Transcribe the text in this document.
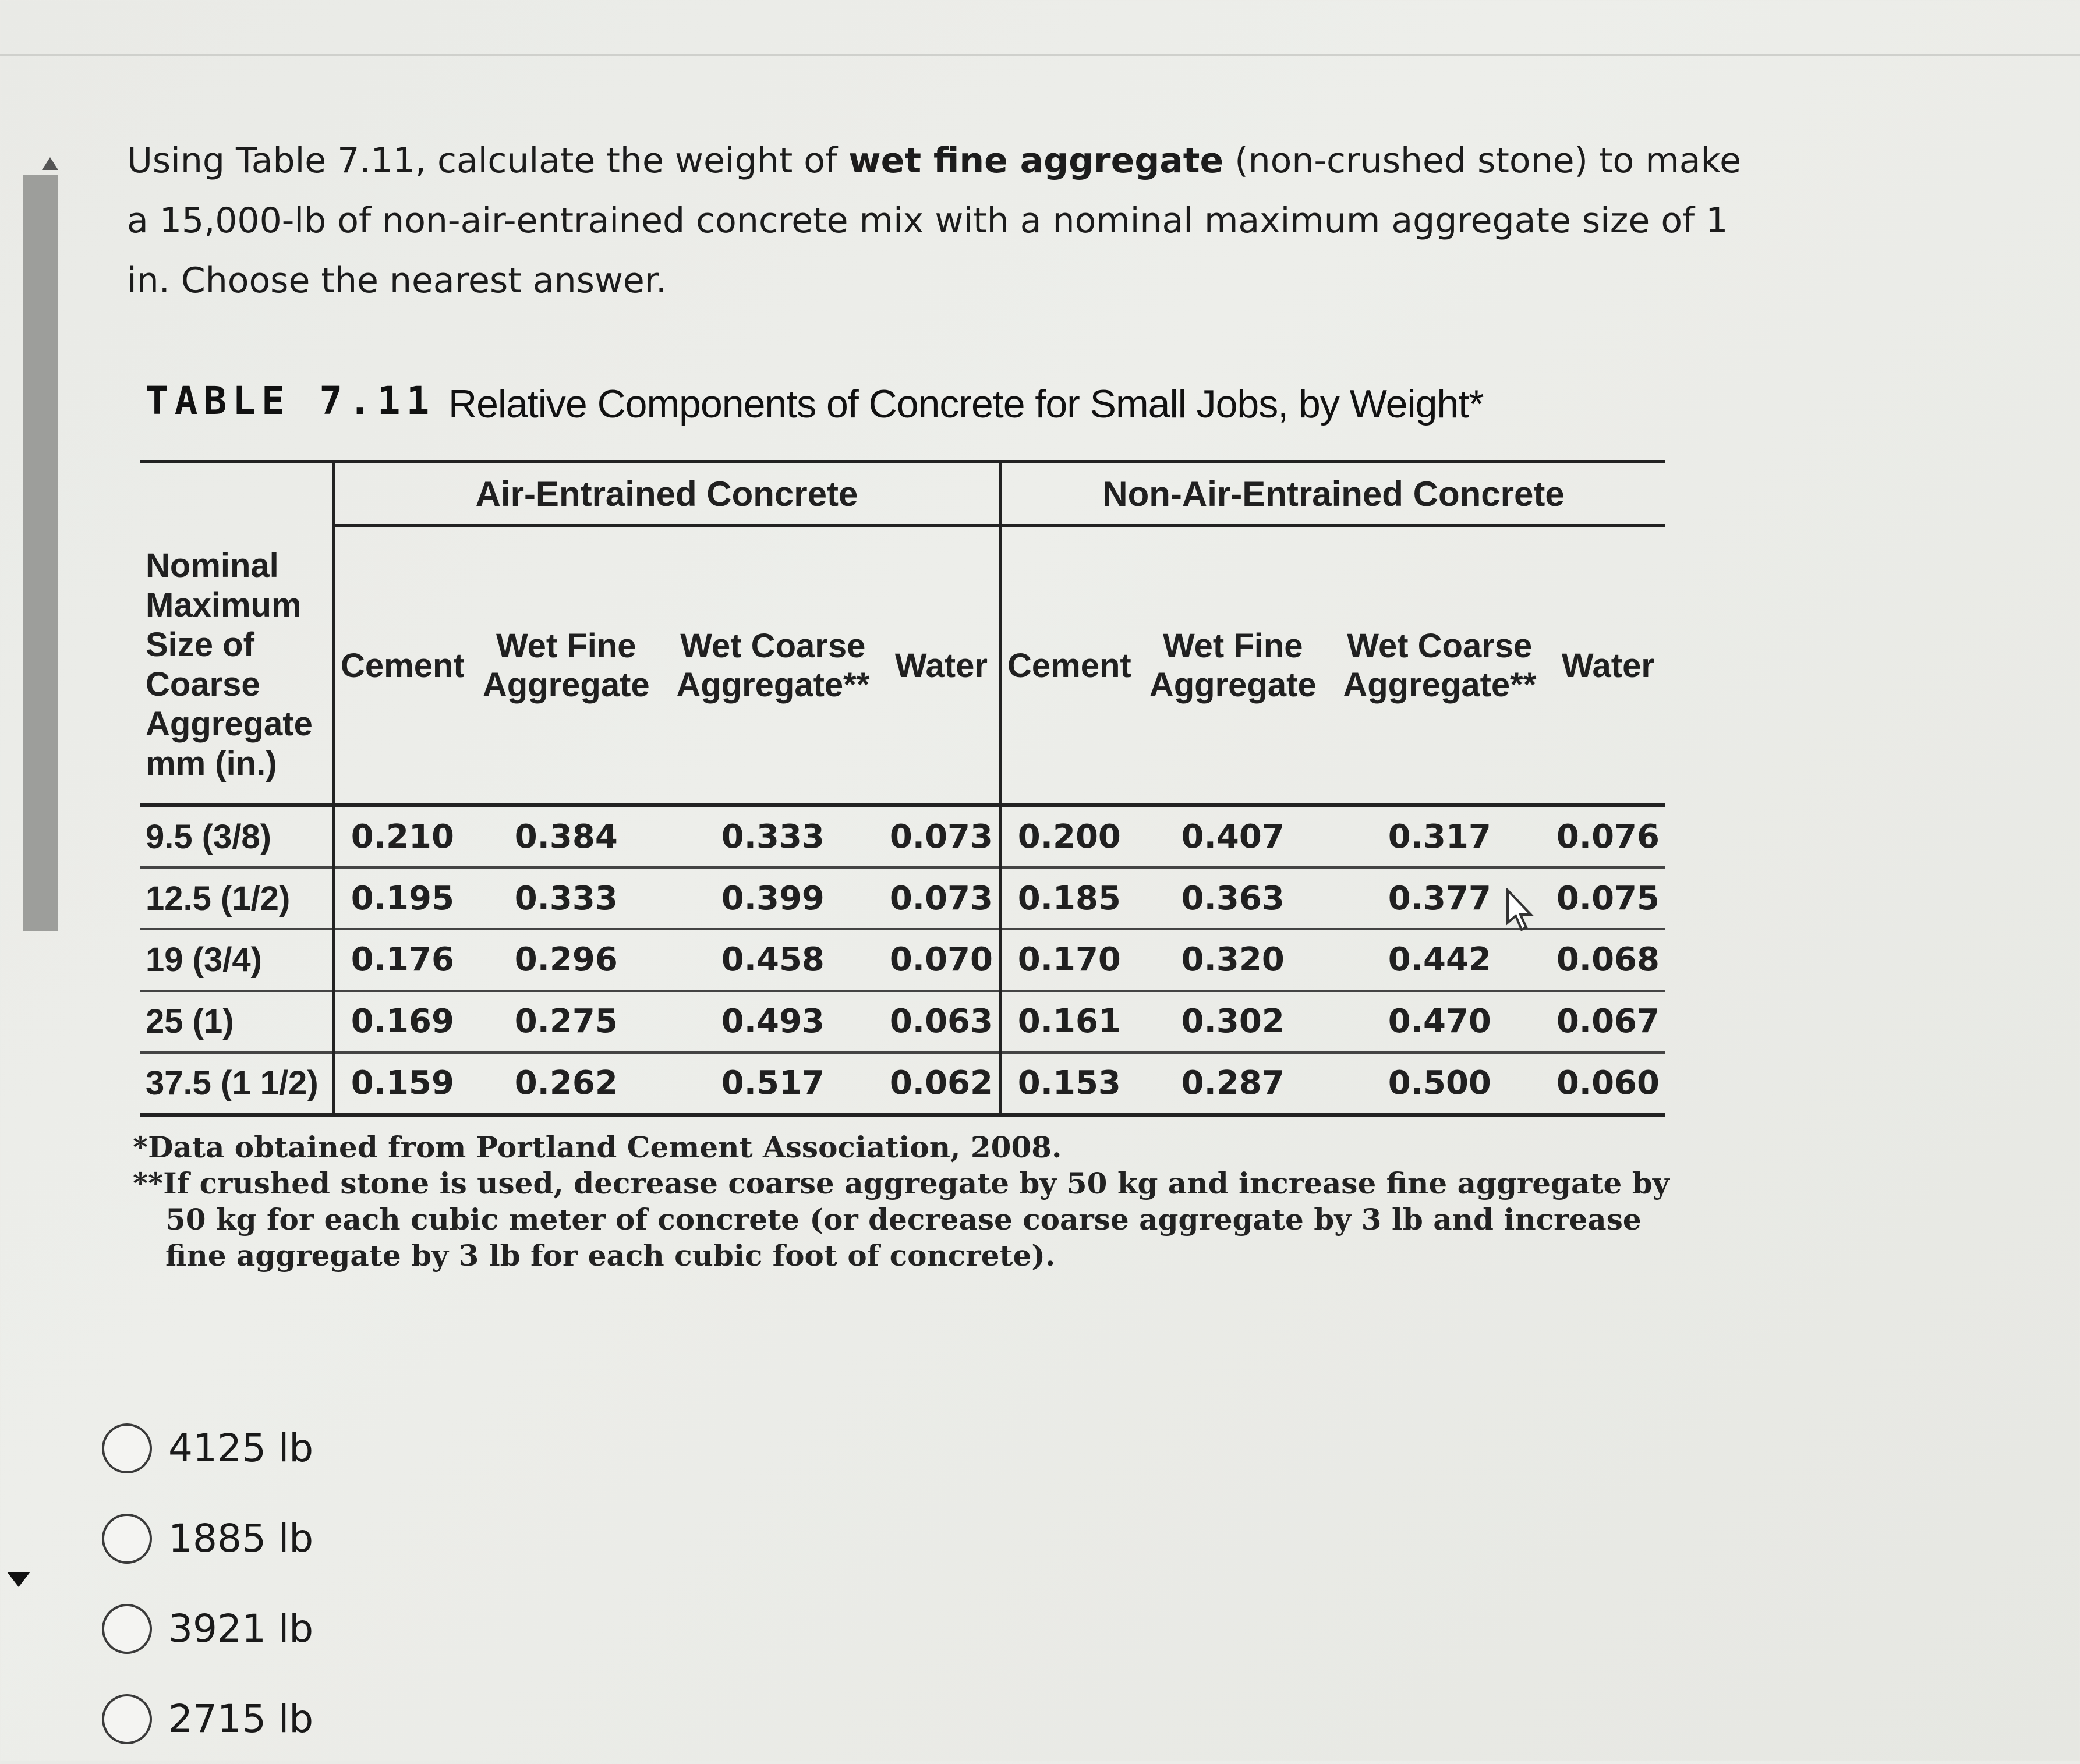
Using Table 7.11, calculate the weight of wet fine aggregate (non-crushed stone) to make a 15,000-lb of non-air-entrained concrete mix with a nominal maximum aggregate size of 1 in. Choose the nearest answer.
TABLE 7.11 Relative Components of Concrete for Small Jobs, by Weight*
	Air-Entrained Concrete				Non-Air-Entrained Concrete			
Nominal Maximum Size of Coarse Aggregate mm (in.)	Cement	Wet Fine Aggregate	Wet Coarse Aggregate**	Water	Cement	Wet Fine Aggregate	Wet Coarse Aggregate**	Water
9.5 (3/8)	0.210	0.384	0.333	0.073	0.200	0.407	0.317	0.076
12.5 (1/2)	0.195	0.333	0.399	0.073	0.185	0.363	0.377	0.075
19 (3/4)	0.176	0.296	0.458	0.070	0.170	0.320	0.442	0.068
25 (1)	0.169	0.275	0.493	0.063	0.161	0.302	0.470	0.067
37.5 (1 1/2)	0.159	0.262	0.517	0.062	0.153	0.287	0.500	0.060
*Data obtained from Portland Cement Association, 2008.
**If crushed stone is used, decrease coarse aggregate by 50 kg and increase fine aggregate by 50 kg for each cubic meter of concrete (or decrease coarse aggregate by 3 lb and increase fine aggregate by 3 lb for each cubic foot of concrete).
4125 lb
1885 lb
3921 lb
2715 lb
